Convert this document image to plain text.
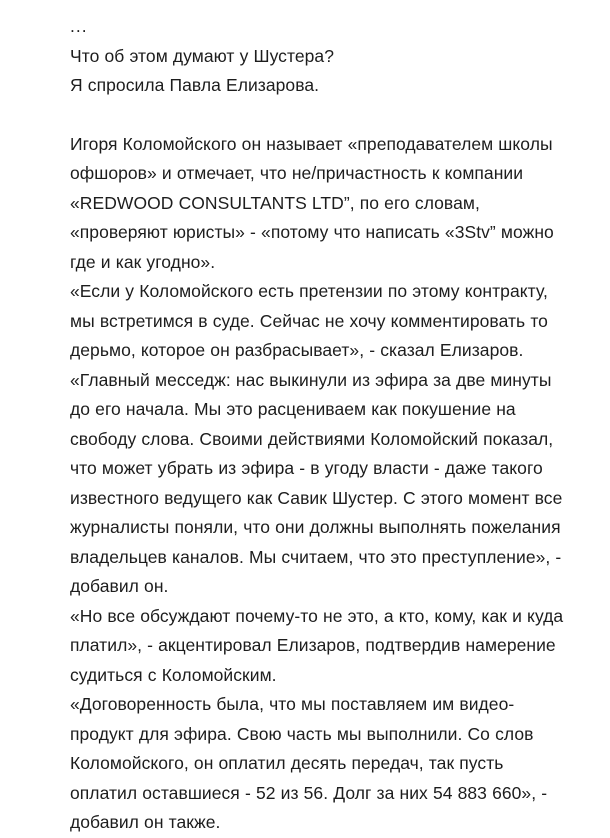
...

Что об этом думают у Шустера?

Я спросила Павла Елизарова.

Игоря Коломойского он называет «преподавателем школы офшоров» и отмечает, что не/причастность к компании «REDWOOD CONSULTANTS LTD”, по его словам, «проверяют юристы» - «потому что написать «3Stv” можно где и как угодно».

«Если у Коломойского есть претензии по этому контракту, мы встретимся в суде. Сейчас не хочу комментировать то дерьмо, которое он разбрасывает», - сказал Елизаров.

«Главный месседж: нас выкинули из эфира за две минуты до его начала. Мы это расцениваем как покушение на свободу слова. Своими действиями Коломойский показал, что может убрать из эфира - в угоду власти - даже такого известного ведущего как Савик Шустер. С этого момент все журналисты поняли, что они должны выполнять пожелания владельцев каналов. Мы считаем, что это преступление», - добавил он.

«Но все обсуждают почему-то не это, а кто, кому, как и куда платил», - акцентировал Елизаров, подтвердив намерение судиться с Коломойским.

«Договоренность была, что мы поставляем им видео-продукт для эфира. Свою часть мы выполнили. Со слов Коломойского, он оплатил десять передач, так пусть оплатил оставшиеся - 52 из 56. Долг за них 54 883 660», - добавил он также.
